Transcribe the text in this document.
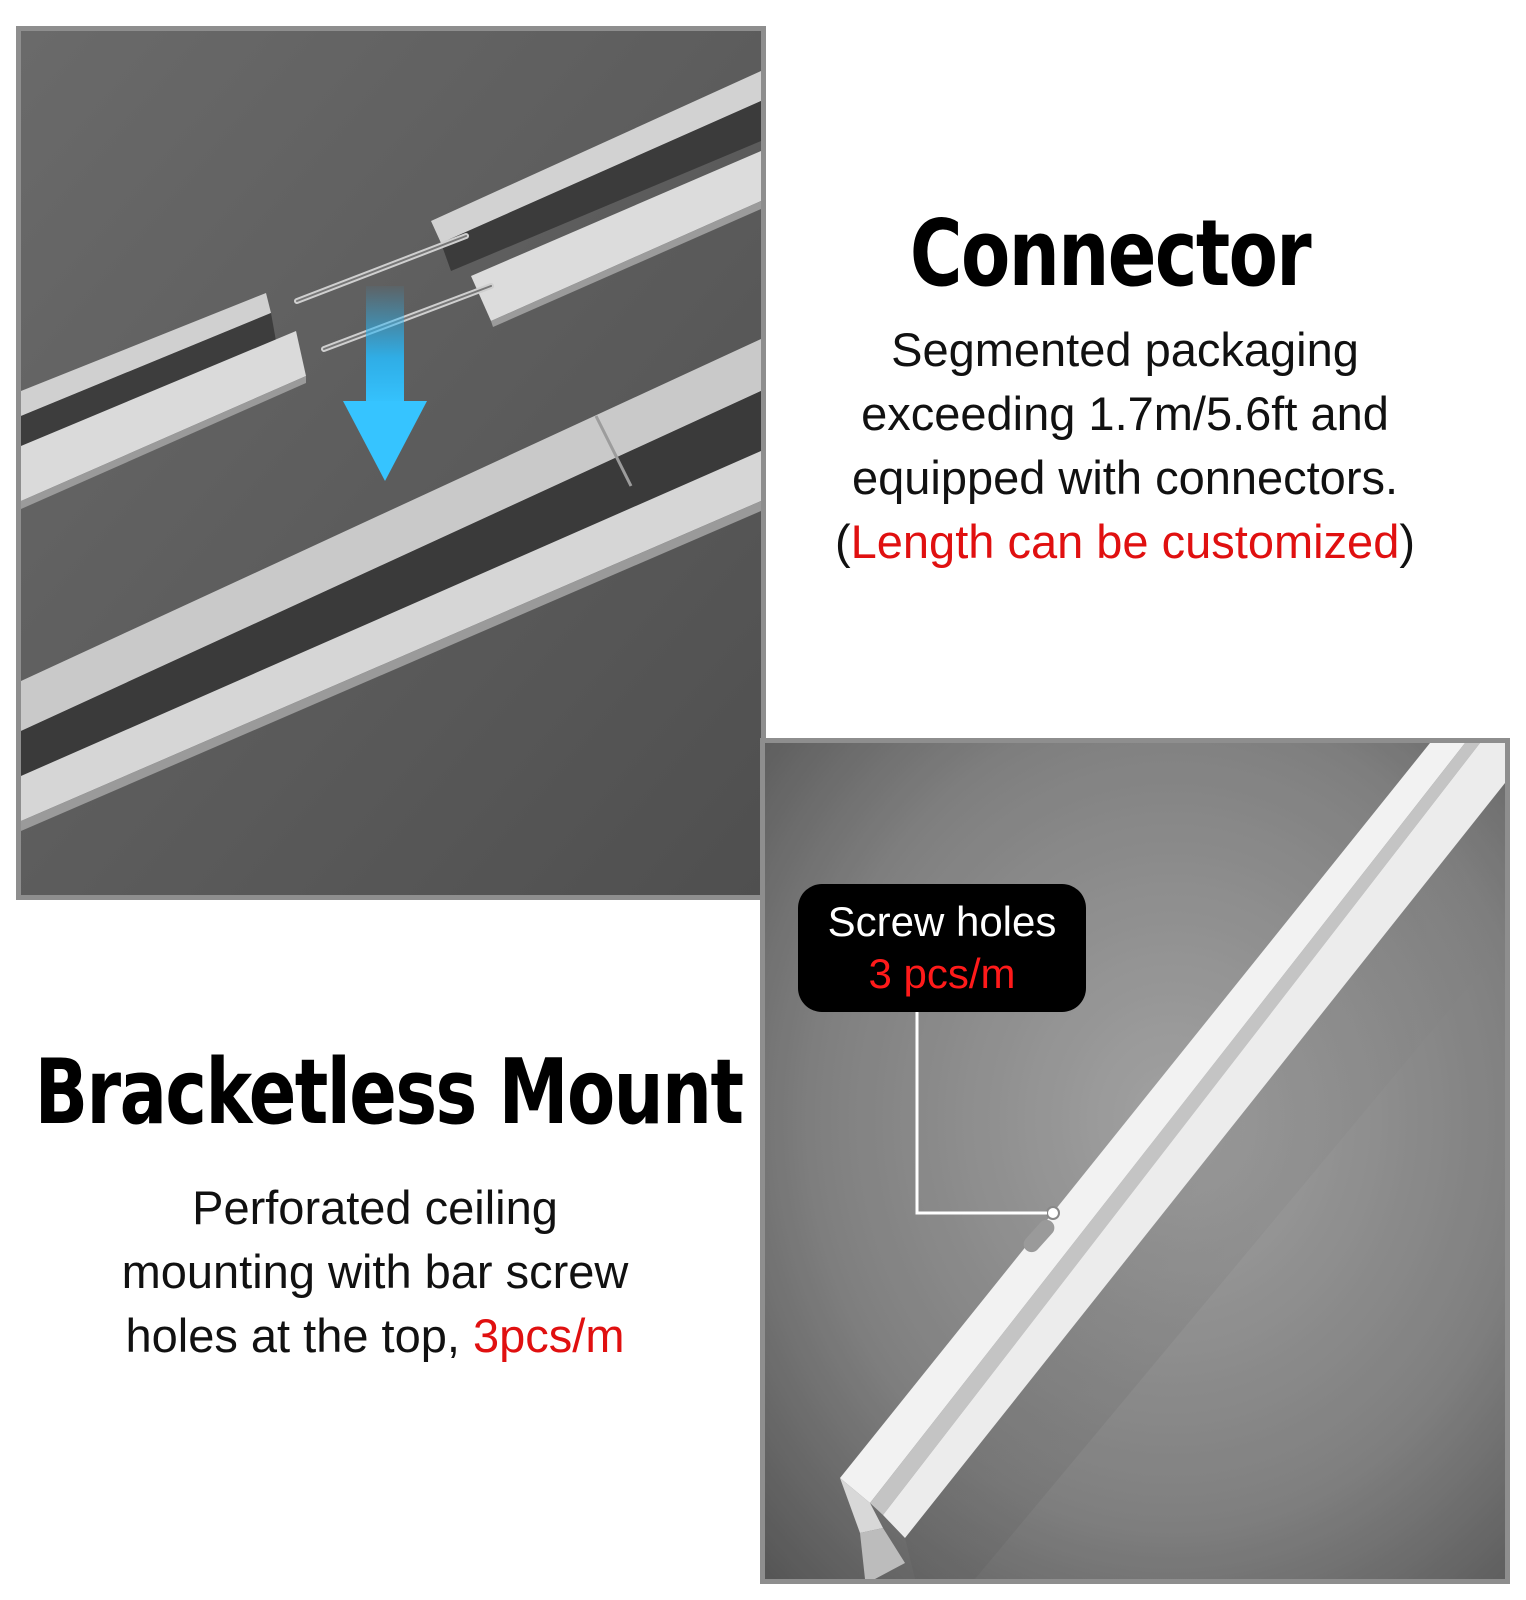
Connector

Segmented packaging
exceeding 1.7m/5.6ft and
equipped with connectors.
(Length can be customized)

Screw holes
3 pcs/m
Bracketless Mount

Perforated ceiling
mounting with bar screw
holes at the top, 3pcs/m
